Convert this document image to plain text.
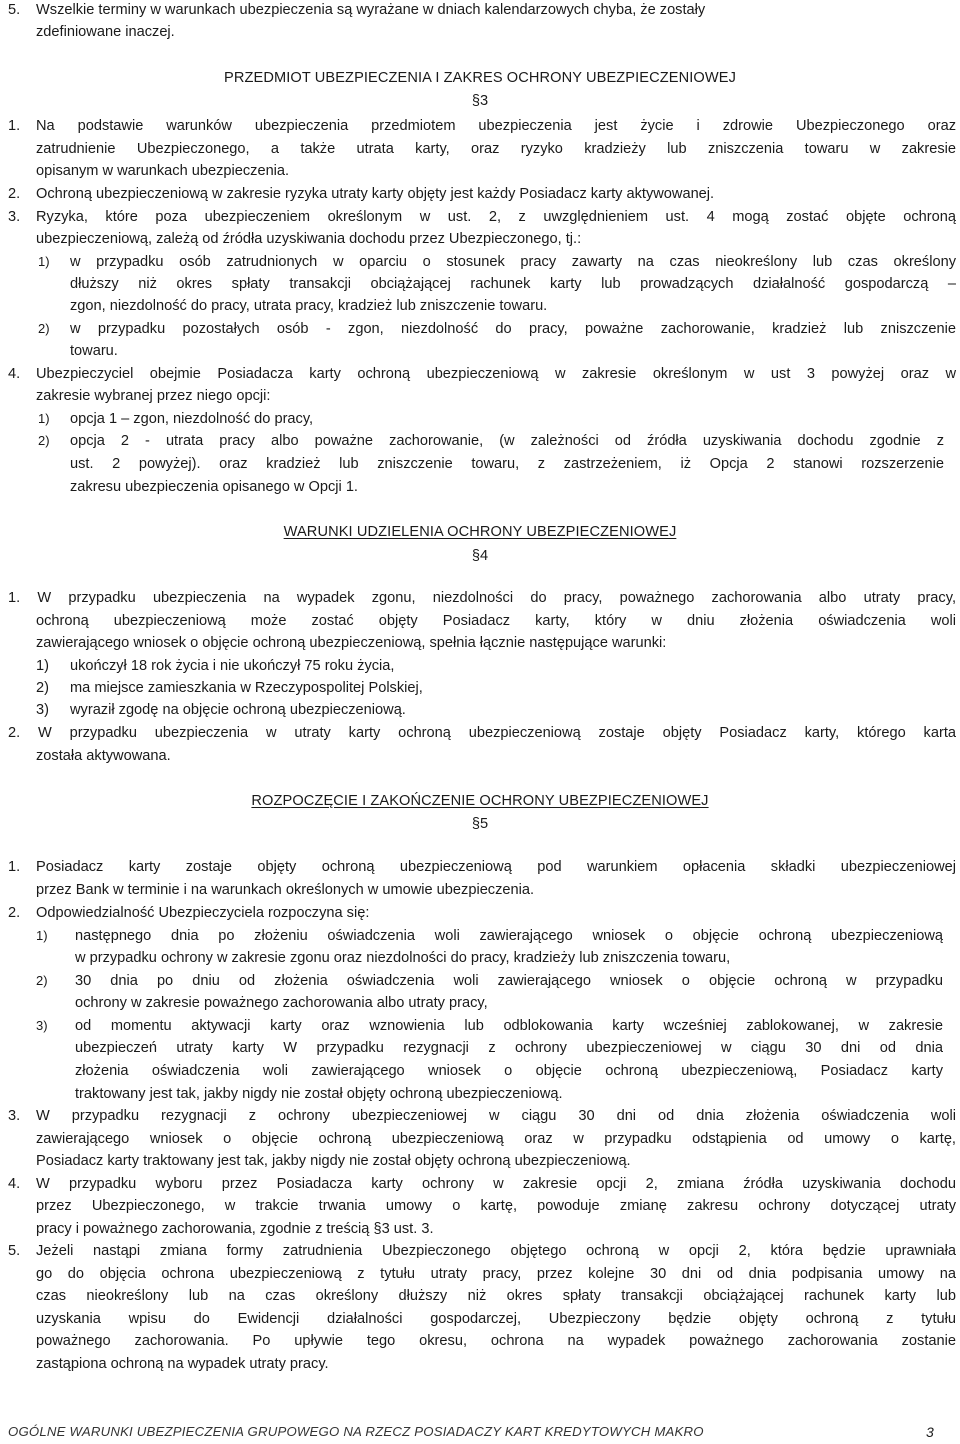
5. Wszelkie terminy w warunkach ubezpieczenia są wyrażane w dniach kalendarzowych chyba, że zostały
zdefiniowane inaczej.
PRZEDMIOT UBEZPIECZENIA I ZAKRES OCHRONY UBEZPIECZENIOWEJ
§3
1. Na podstawie warunków ubezpieczenia przedmiotem ubezpieczenia jest życie i zdrowie Ubezpieczonego oraz
zatrudnienie Ubezpieczonego, a także utrata karty, oraz ryzyko kradzieży lub zniszczenia towaru w zakresie
opisanym w warunkach ubezpieczenia.
2. Ochroną ubezpieczeniową w zakresie ryzyka utraty karty objęty jest każdy Posiadacz karty aktywowanej.
3. Ryzyka, które poza ubezpieczeniem określonym w ust. 2, z uwzględnieniem ust. 4 mogą zostać objęte ochroną
ubezpieczeniową, zależą od źródła uzyskiwania dochodu przez Ubezpieczonego, tj.:
1) w przypadku osób zatrudnionych w oparciu o stosunek pracy zawarty na czas nieokreślony lub czas określony
dłuższy niż okres spłaty transakcji obciążającej rachunek karty lub prowadzących działalność gospodarczą –
zgon, niezdolność do pracy, utrata pracy, kradzież lub zniszczenie towaru.
2) w przypadku pozostałych osób - zgon, niezdolność do pracy, poważne zachorowanie, kradzież lub zniszczenie
towaru.
4. Ubezpieczyciel obejmie Posiadacza karty ochroną ubezpieczeniową w zakresie określonym w ust 3 powyżej oraz w
zakresie wybranej przez niego opcji:
1) opcja 1 – zgon, niezdolność do pracy,
2) opcja 2 - utrata pracy albo poważne zachorowanie, (w zależności od źródła uzyskiwania dochodu zgodnie z
ust. 2 powyżej). oraz kradzież lub zniszczenie towaru, z zastrzeżeniem, iż Opcja 2 stanowi rozszerzenie
zakresu ubezpieczenia opisanego w Opcji 1.
WARUNKI UDZIELENIA OCHRONY UBEZPIECZENIOWEJ
§4
1. W przypadku ubezpieczenia na wypadek zgonu, niezdolności do pracy, poważnego zachorowania albo utraty pracy,
ochroną ubezpieczeniową może zostać objęty Posiadacz karty, który w dniu złożenia oświadczenia woli
zawierającego wniosek o objęcie ochroną ubezpieczeniową, spełnia łącznie następujące warunki:
1) ukończył 18 rok życia i nie ukończył 75 roku życia,
2) ma miejsce zamieszkania w Rzeczypospolitej Polskiej,
3) wyraził zgodę na objęcie ochroną ubezpieczeniową.
2. W przypadku ubezpieczenia w utraty karty ochroną ubezpieczeniową zostaje objęty Posiadacz karty, którego karta
została aktywowana.
ROZPOCZĘCIE I ZAKOŃCZENIE OCHRONY UBEZPIECZENIOWEJ
§5
1. Posiadacz karty zostaje objęty ochroną ubezpieczeniową pod warunkiem opłacenia składki ubezpieczeniowej
przez Bank w terminie i na warunkach określonych w umowie ubezpieczenia.
2. Odpowiedzialność Ubezpieczyciela rozpoczyna się:
1) następnego dnia po złożeniu oświadczenia woli zawierającego wniosek o objęcie ochroną ubezpieczeniową
w przypadku ochrony w zakresie zgonu oraz niezdolności do pracy, kradzieży lub zniszczenia towaru,
2) 30 dnia po dniu od złożenia oświadczenia woli zawierającego wniosek o objęcie ochroną w przypadku
ochrony w zakresie poważnego zachorowania albo utraty pracy,
3) od momentu aktywacji karty oraz wznowienia lub odblokowania karty wcześniej zablokowanej, w zakresie
ubezpieczeń utraty karty W przypadku rezygnacji z ochrony ubezpieczeniowej w ciągu 30 dni od dnia
złożenia oświadczenia woli zawierającego wniosek o objęcie ochroną ubezpieczeniową, Posiadacz karty
traktowany jest tak, jakby nigdy nie został objęty ochroną ubezpieczeniową.
3. W przypadku rezygnacji z ochrony ubezpieczeniowej w ciągu 30 dni od dnia złożenia oświadczenia woli
zawierającego wniosek o objęcie ochroną ubezpieczeniową oraz w przypadku odstąpienia od umowy o kartę,
Posiadacz karty traktowany jest tak, jakby nigdy nie został objęty ochroną ubezpieczeniową.
4. W przypadku wyboru przez Posiadacza karty ochrony w zakresie opcji 2, zmiana źródła uzyskiwania dochodu
przez Ubezpieczonego, w trakcie trwania umowy o kartę, powoduje zmianę zakresu ochrony dotyczącej utraty
pracy i poważnego zachorowania, zgodnie z treścią §3 ust. 3.
5. Jeżeli nastąpi zmiana formy zatrudnienia Ubezpieczonego objętego ochroną w opcji 2, która będzie uprawniała
go do objęcia ochrona ubezpieczeniową z tytułu utraty pracy, przez kolejne 30 dni od dnia podpisania umowy na
czas nieokreślony lub na czas określony dłuższy niż okres spłaty transakcji obciążającej rachunek karty lub
uzyskania wpisu do Ewidencji działalności gospodarczej, Ubezpieczony będzie objęty ochroną z tytułu
poważnego zachorowania. Po upływie tego okresu, ochrona na wypadek poważnego zachorowania zostanie
zastąpiona ochroną na wypadek utraty pracy.
OGÓLNE WARUNKI UBEZPIECZENIA GRUPOWEGO NA RZECZ POSIADACZY KART KREDYTOWYCH MAKRO	3
